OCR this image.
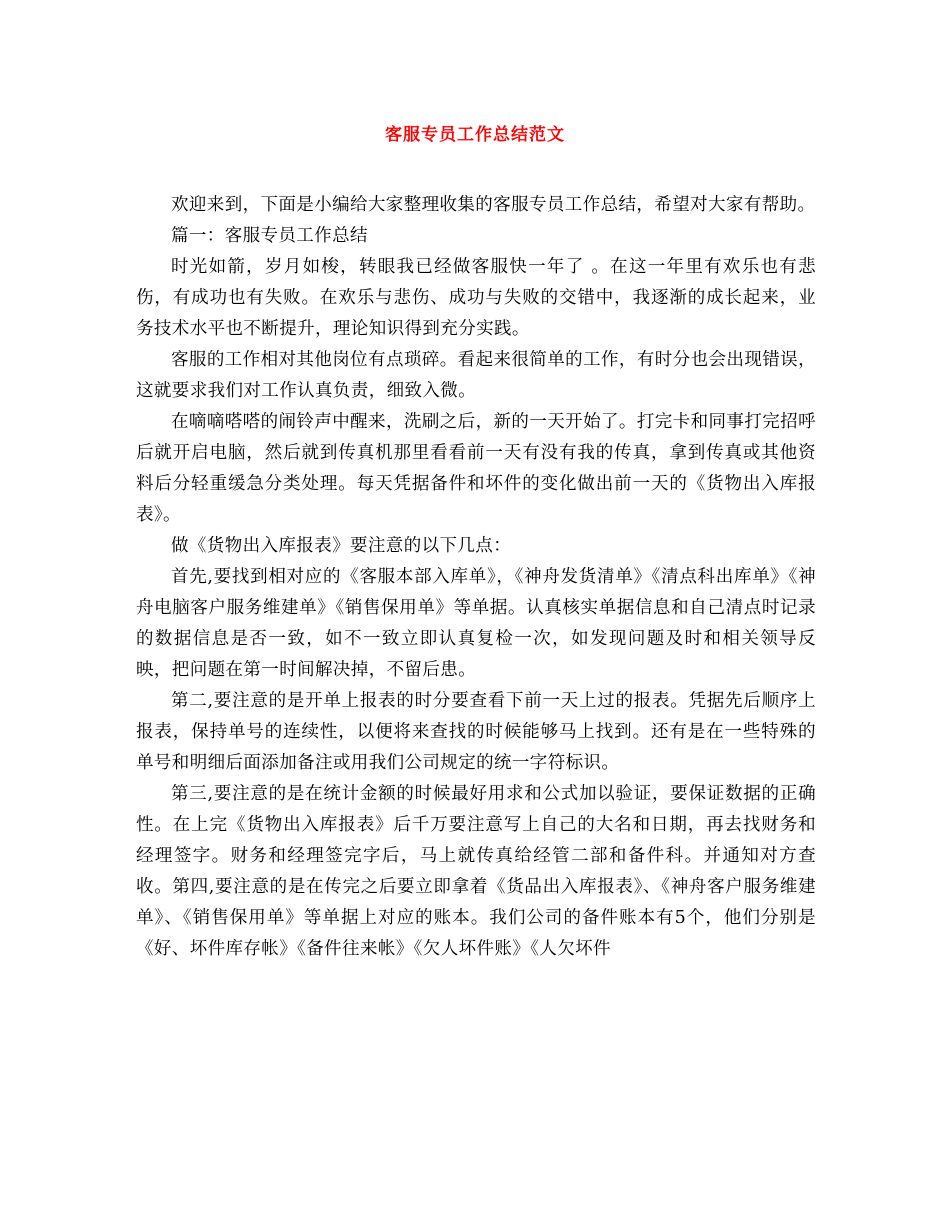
客服专员工作总结范文

欢迎来到，下面是小编给大家整理收集的客服专员工作总结，希望对大家有帮助。

篇一：客服专员工作总结

时光如箭，岁月如梭，转眼我已经做客服快一年了 。在这一年里有欢乐也有悲伤，有成功也有失败。在欢乐与悲伤、成功与失败的交错中，我逐渐的成长起来，业务技术水平也不断提升，理论知识得到充分实践。

客服的工作相对其他岗位有点琐碎。看起来很简单的工作，有时分也会出现错误，这就要求我们对工作认真负责，细致入微。

在嘀嘀嗒嗒的闹铃声中醒来，洗刷之后，新的一天开始了。打完卡和同事打完招呼后就开启电脑，然后就到传真机那里看看前一天有没有我的传真，拿到传真或其他资料后分轻重缓急分类处理。每天凭据备件和坏件的变化做出前一天的《货物出入库报表》。

做《货物出入库报表》要注意的以下几点：

首先,要找到相对应的《客服本部入库单》，《神舟发货清单》《清点科出库单》《神舟电脑客户服务维建单》《销售保用单》等单据。认真核实单据信息和自己清点时记录的数据信息是否一致，如不一致立即认真复检一次，如发现问题及时和相关领导反映，把问题在第一时间解决掉，不留后患。

第二,要注意的是开单上报表的时分要查看下前一天上过的报表。凭据先后顺序上报表，保持单号的连续性，以便将来查找的时候能够马上找到。还有是在一些特殊的单号和明细后面添加备注或用我们公司规定的统一字符标识。

第三,要注意的是在统计金额的时候最好用求和公式加以验证，要保证数据的正确性。在上完《货物出入库报表》后千万要注意写上自己的大名和日期，再去找财务和经理签字。财务和经理签完字后，马上就传真给经管二部和备件科。并通知对方查收。第四,要注意的是在传完之后要立即拿着《货品出入库报表》、《神舟客户服务维建单》、《销售保用单》等单据上对应的账本。我们公司的备件账本有5个，他们分别是《好、坏件库存帐》《备件往来帐》《欠人坏件账》《人欠坏件
